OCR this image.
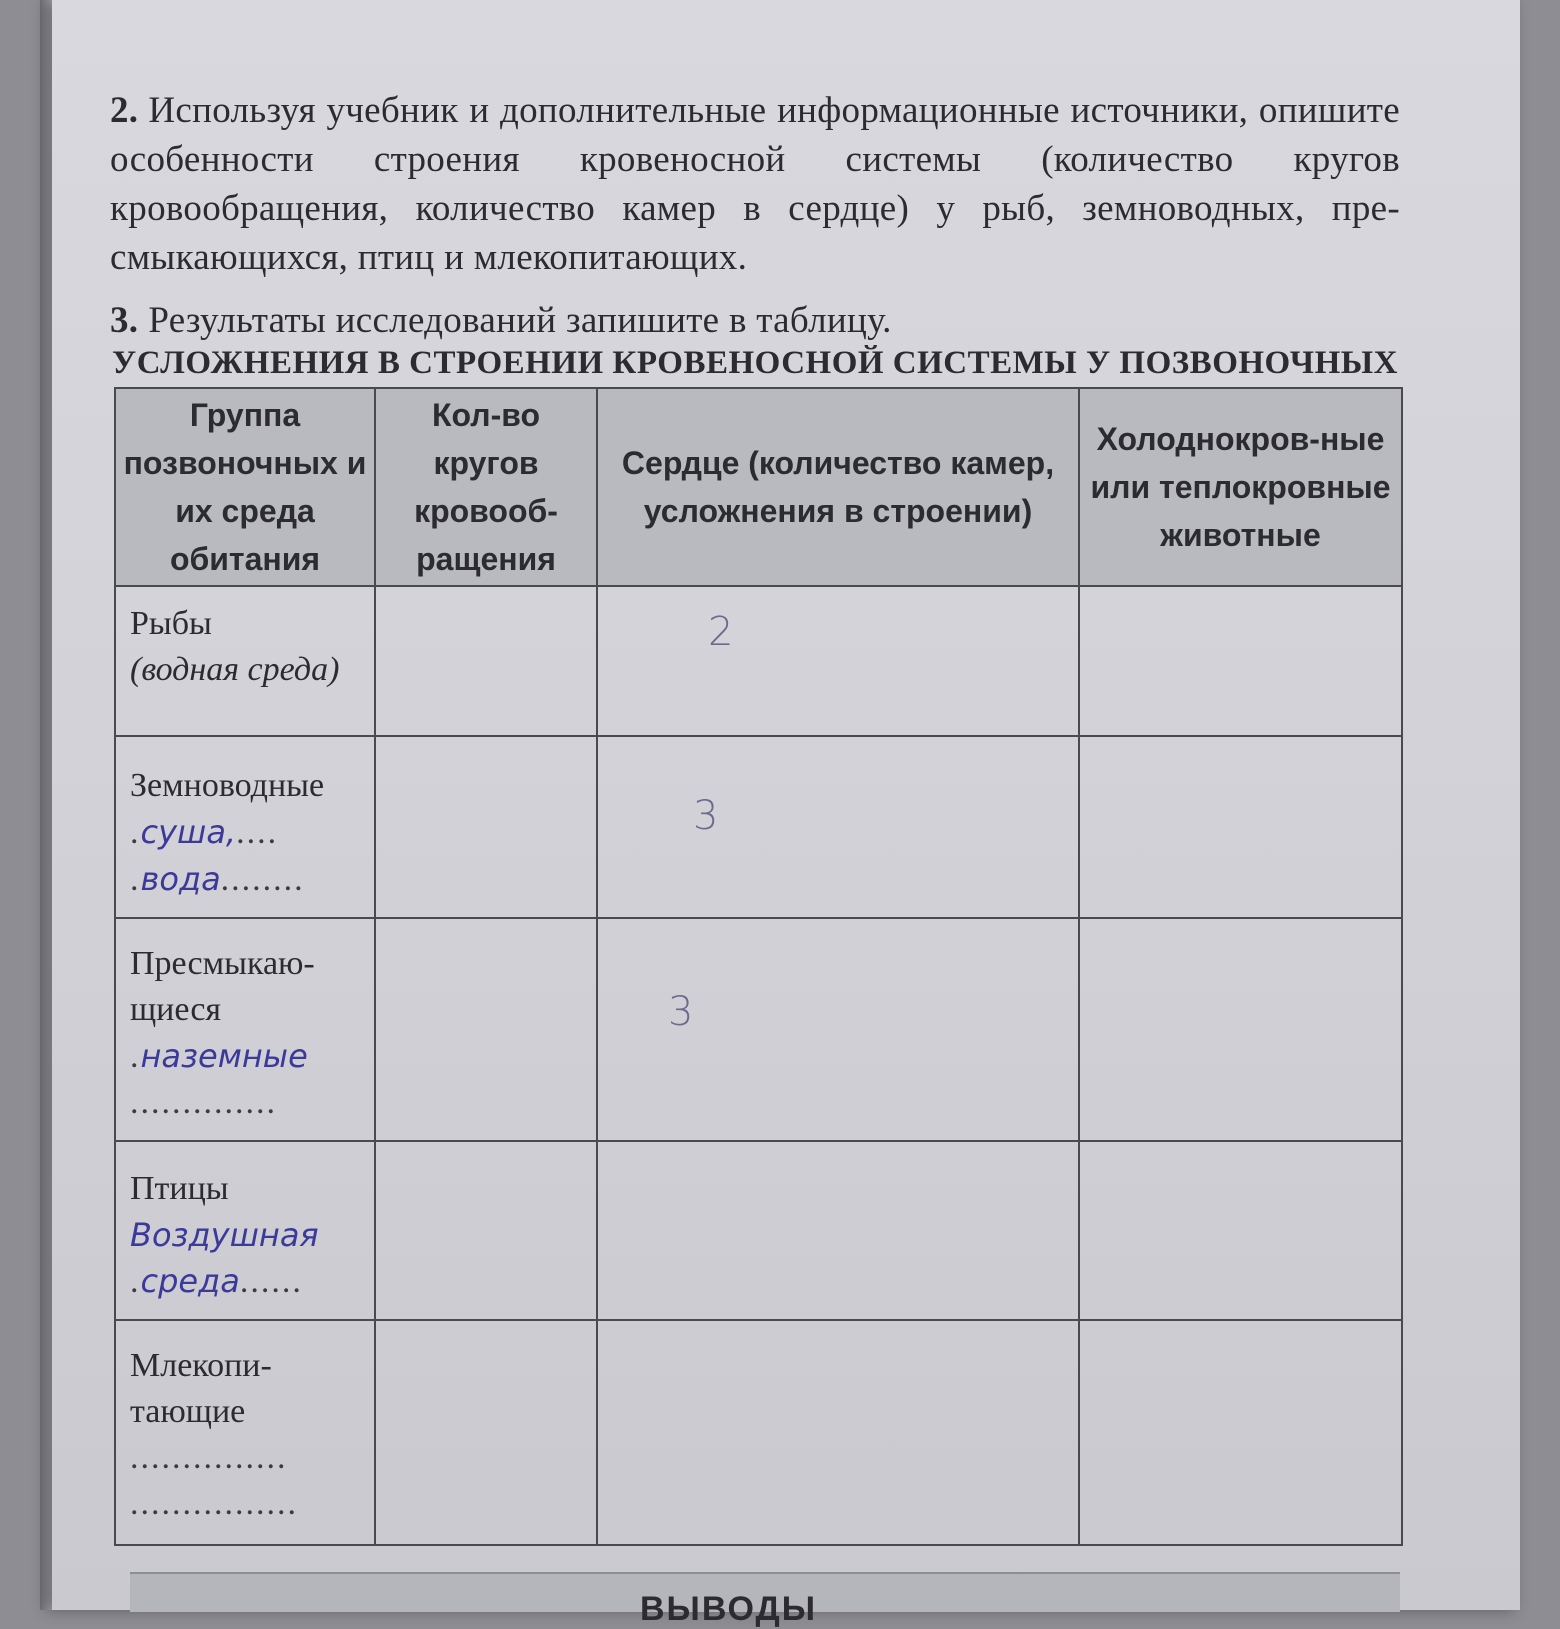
2. Используя учебник и дополнительные информационные источники, опишите особенности строения кровеносной системы (количество кругов кровообращения, количество камер в сердце) у рыб, земноводных, пре-смыкающихся, птиц и млекопитающих.
3. Результаты исследований запишите в таблицу.
УСЛОЖНЕНИЯ В СТРОЕНИИ КРОВЕНОСНОЙ СИСТЕМЫ У ПОЗВОНОЧНЫХ
Группа позвоночных и их среда обитания	Кол-во кругов кровооб-ращения	Сердце (количество камер, усложнения в строении)	Холоднокров-ные или теплокровные животные

Рыбы
(водная среда)		2	

Земноводные
.суша,....
.вода........		3	

Пресмыкаю-щиеся
.наземные
..............		3	

Птицы
Воздушная
.среда......			

Млекопи-тающие
...............
................			

ВЫВОДЫ
